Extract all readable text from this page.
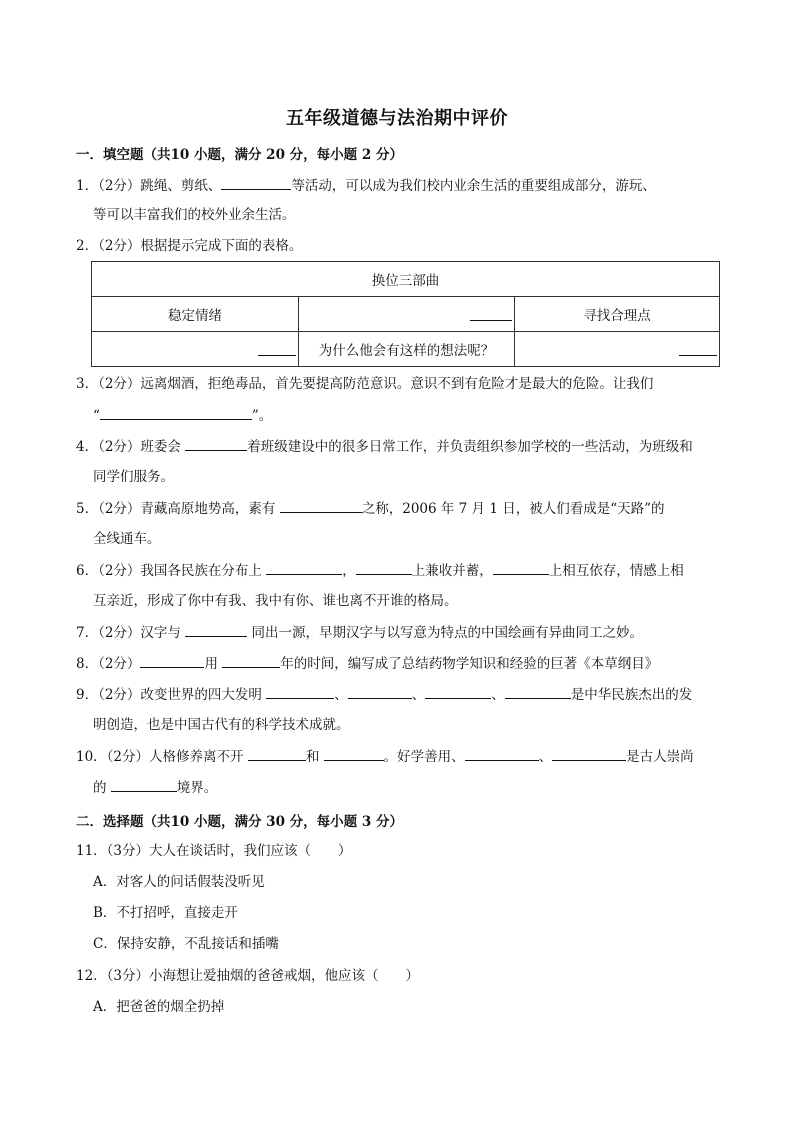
五年级道德与法治期中评价
一．填空题（共10 小题，满分 20 分，每小题 2 分）
1．（2分）跳绳、剪纸、	等活动，可以成为我们校内业余生活的重要组成部分，游玩、
等可以丰富我们的校外业余生活。
2．（2分）根据提示完成下面的表格。
换位三部曲		
稳定情绪		寻找合理点
	为什么他会有这样的想法呢？	
3．（2分）远离烟酒，拒绝毒品，首先要提高防范意识。意识不到有危险才是最大的危险。让我们
“	”。
4．（2分）班委会	着班级建设中的很多日常工作，并负责组织参加学校的一些活动，为班级和
同学们服务。
5．（2分）青藏高原地势高，素有	之称，2006 年 7 月 1 日，被人们看成是“天路”的
全线通车。
6．（2分）我国各民族在分布上	，	上兼收并蓄，	上相互依存，情感上相
互亲近，形成了你中有我、我中有你、谁也离不开谁的格局。
7．（2分）汉字与	同出一源，早期汉字与以写意为特点的中国绘画有异曲同工之妙。
8．（2分）	用	年的时间，编写成了总结药物学知识和经验的巨著《本草纲目》
9．（2分）改变世界的四大发明	、	、	、	是中华民族杰出的发
明创造，也是中国古代有的科学技术成就。
10．（2分）人格修养离不开	和	。好学善用、	、	是古人崇尚
的	境界。
二．选择题（共10 小题，满分 30 分，每小题 3 分）
11．（3分）大人在谈话时，我们应该（　　）
A．对客人的问话假装没听见
B．不打招呼，直接走开
C．保持安静，不乱接话和插嘴
12．（3分）小海想让爱抽烟的爸爸戒烟，他应该（　　）
A．把爸爸的烟全扔掉
